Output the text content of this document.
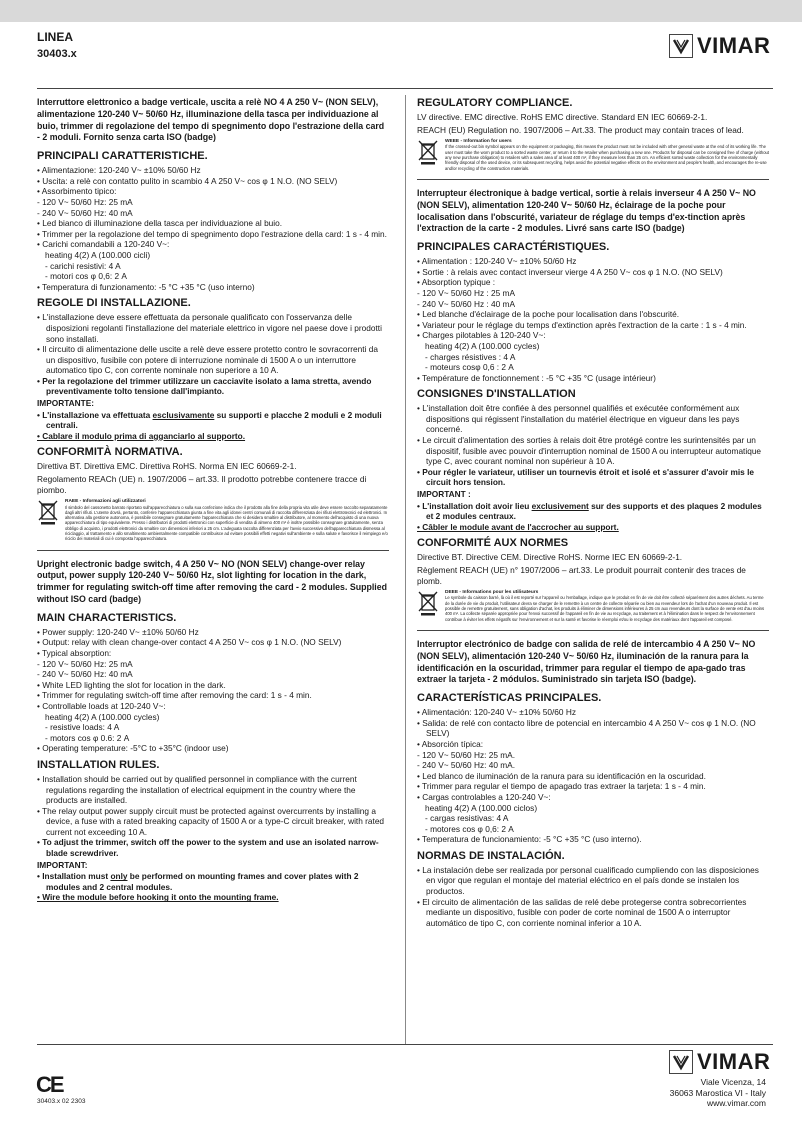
LINEA
30403.x	VIMAR

Interruttore elettronico a badge verticale, uscita a relè NO 4 A 250 V~ (NON SELV), alimentazione 120-240 V~ 50/60 Hz, illuminazione della tasca per individuazione al buio, trimmer di regolazione del tempo di spegnimento dopo l'estrazione della card - 2 moduli. Fornito senza carta ISO (badge)

PRINCIPALI CARATTERISTICHE.

• Alimentazione: 120-240 V~ ±10% 50/60 Hz

• Uscita: a relè con contatto pulito in scambio 4 A 250 V~ cos φ 1 N.O. (NO SELV)

• Assorbimento tipico:

- 120 V~ 50/60 Hz: 25 mA

- 240 V~ 50/60 Hz: 40 mA

• Led bianco di illuminazione della tasca per individuazione al buio.

• Trimmer per la regolazione del tempo di spegnimento dopo l'estrazione della card: 1 s - 4 min.

• Carichi comandabili a 120-240 V~:

heating 4(2) A (100.000 cicli)

- carichi resistivi: 4 A

- motori cos φ 0,6: 2 A

• Temperatura di funzionamento: -5 °C +35 °C (uso interno)

REGOLE DI INSTALLAZIONE.

• L'installazione deve essere effettuata da personale qualificato con l'osservanza delle disposizioni regolanti l'installazione del materiale elettrico in vigore nel paese dove i prodotti sono installati.

• Il circuito di alimentazione delle uscite a relè deve essere protetto contro le sovracorrenti da un dispositivo, fusibile con potere di interruzione nominale di 1500 A o un interruttore automatico tipo C, con corrente nominale non superiore a 10 A.

• Per la regolazione del trimmer utilizzare un cacciavite isolato a lama stretta, avendo preventivamente tolto tensione dall'impianto.

IMPORTANTE:

• L'installazione va effettuata esclusivamente su supporti e placche 2 moduli e 2 moduli centrali.

• Cablare il modulo prima di agganciarlo al supporto.

CONFORMITÀ NORMATIVA.

Direttiva BT. Direttiva EMC. Direttiva RoHS. Norma EN IEC 60669-2-1.

Regolamento REACh (UE) n. 1907/2006 – art.33. Il prodotto potrebbe contenere tracce di piombo.

RAEE - Informazioni agli utilizzatori
Il simbolo del cassonetto barrato riportato sull'apparecchiatura o sulla sua confezione indica che il prodotto alla fine della propria vita utile deve essere raccolto separatamente dagli altri rifiuti. L'utente dovrà, pertanto, conferire l'apparecchiatura giunta a fine vita agli idonei centri comunali di raccolta differenziata dei rifiuti elettrotecnici ed elettronici. In alternativa alla gestione autonoma, è possibile consegnare gratuitamente l'apparecchiatura che si desidera smaltire al distributore, al momento dell'acquisto di una nuova apparecchiatura di tipo equivalente. Presso i distributori di prodotti elettronici con superficie di vendita di almeno 400 m² è inoltre possibile consegnare gratuitamente, senza obbligo di acquisto, i prodotti elettronici da smaltire con dimensioni inferiori a 25 cm. L'adeguata raccolta differenziata per l'avvio successivo dell'apparecchiatura dismessa al riciclaggio, al trattamento e allo smaltimento ambientalmente compatibile contribuisce ad evitare possibili effetti negativi sull'ambiente e sulla salute e favorisce il reimpiego e/o riciclo dei materiali di cui è composta l'apparecchiatura.

Upright electronic badge switch, 4 A 250 V~ NO (NON SELV) change-over relay output, power supply 120-240 V~ 50/60 Hz, slot lighting for location in the dark, trimmer for regulating switch-off time after removing the card - 2 modules. Supplied without ISO card (badge)

MAIN CHARACTERISTICS.

• Power supply: 120-240 V~ ±10% 50/60 Hz

• Output: relay with clean change-over contact 4 A 250 V~ cos φ 1 N.O. (NO SELV)

• Typical absorption:

- 120 V~ 50/60 Hz: 25 mA

- 240 V~ 50/60 Hz: 40 mA

• White LED lighting the slot for location in the dark.

• Trimmer for regulating switch-off time after removing the card: 1 s - 4 min.

• Controllable loads at 120-240 V~:

heating 4(2) A (100.000 cycles)

- resistive loads: 4 A

- motors cos φ 0.6: 2 A

• Operating temperature: -5°C to +35°C (indoor use)

INSTALLATION RULES.

• Installation should be carried out by qualified personnel in compliance with the current regulations regarding the installation of electrical equipment in the country where the products are installed.

• The relay output power supply circuit must be protected against overcurrents by installing a device, a fuse with a rated breaking capacity of 1500 A or a type-C circuit breaker, with rated current not exceeding 10 A.

• To adjust the trimmer, switch off the power to the system and use an isolated narrow-blade screwdriver.

IMPORTANT:

• Installation must only be performed on mounting frames and cover plates with 2 modules and 2 central modules.

• Wire the module before hooking it onto the mounting frame.

REGULATORY COMPLIANCE.

LV directive. EMC directive. RoHS EMC directive. Standard EN IEC 60669-2-1.

REACH (EU) Regulation no. 1907/2006 – Art.33. The product may contain traces of lead.

WEEE - Information for users
If the crossed-out bin symbol appears on the equipment or packaging, this means the product must not be included with other general waste at the end of its working life. The user must take the worn product to a sorted waste center, or return it to the retailer when purchasing a new one. Products for disposal can be consigned free of charge (without any new purchase obligation) to retailers with a sales area of at least 400 m², if they measure less than 25 cm. An efficient sorted waste collection for the environmentally friendly disposal of the used device, or its subsequent recycling, helps avoid the potential negative effects on the environment and people's health, and encourages the re-use and/or recycling of the construction materials.

Interrupteur électronique à badge vertical, sortie à relais inverseur 4 A 250 V~ NO (NON SELV), alimentation 120-240 V~ 50/60 Hz, éclairage de la poche pour localisation dans l'obscurité, variateur de réglage du temps d'ex-tinction après l'extraction de la carte - 2 modules. Livré sans carte ISO (badge)

PRINCIPALES CARACTÉRISTIQUES.

• Alimentation : 120-240 V~ ±10% 50/60 Hz

• Sortie : à relais avec contact inverseur vierge 4 A 250 V~ cos φ 1 N.O. (NO SELV)

• Absorption typique :

- 120 V~ 50/60 Hz : 25 mA

- 240 V~ 50/60 Hz : 40 mA

• Led blanche d'éclairage de la poche pour localisation dans l'obscurité.

• Variateur pour le réglage du temps d'extinction après l'extraction de la carte : 1 s - 4 min.

• Charges pilotables à 120-240 V~:

heating 4(2) A (100.000 cycles)

- charges résistives : 4 A

- moteurs cosφ 0,6 : 2 A

• Température de fonctionnement : -5 °C +35 °C (usage intérieur)

CONSIGNES D'INSTALLATION

• L'installation doit être confiée à des personnel qualifiés et exécutée conformément aux dispositions qui régissent l'installation du matériel électrique en vigueur dans les pays concerné.

• Le circuit d'alimentation des sorties à relais doit être protégé contre les surintensités par un dispositif, fusible avec pouvoir d'interruption nominal de 1500 A ou interrupteur automatique type C, avec courant nominal non supérieur à 10 A.

• Pour régler le variateur, utiliser un tournevis étroit et isolé et s'assurer d'avoir mis le circuit hors tension.

IMPORTANT :

• L'installation doit avoir lieu exclusivement sur des supports et des plaques 2 modules et 2 modules centraux.

• Câbler le module avant de l'accrocher au support.

CONFORMITÉ AUX NORMES

Directive BT. Directive CEM. Directive RoHS. Norme IEC EN 60669-2-1.

Règlement REACH (UE) n° 1907/2006 – art.33. Le produit pourrait contenir des traces de plomb.

DEEE - Informations pour les utilisateurs
Le symbole du caisson barré, là où il est reporté sur l'appareil ou l'emballage, indique que le produit en fin de vie doit être collecté séparément des autres déchets. Au terme de la durée de vie du produit, l'utilisateur devra se charger de le remettre à un centre de collecte séparée ou bien au revendeur lors de l'achat d'un nouveau produit. Il est possible de remettre gratuitement, sans obligation d'achat, les produits à éliminer de dimensions inférieures à 25 cm aux revendeurs dont la surface de vente est d'au moins 400 m². La collecte séparée appropriée pour l'envoi successif de l'appareil en fin de vie au recyclage, au traitement et à l'élimination dans le respect de l'environnement contribue à éviter les effets négatifs sur l'environnement et sur la santé et favorise le réemploi et/ou le recyclage des matériaux dont l'appareil est composé.

Interruptor electrónico de badge con salida de relé de intercambio 4 A 250 V~ NO (NON SELV), alimentación 120-240 V~ 50/60 Hz, iluminación de la ranura para la identificación en la oscuridad, trimmer para regular el tiempo de apa-gado tras extraer la tarjeta - 2 módulos. Suministrado sin tarjeta ISO (badge).

CARACTERÍSTICAS PRINCIPALES.

• Alimentación: 120-240 V~ ±10% 50/60 Hz

• Salida: de relé con contacto libre de potencial en intercambio 4 A 250 V~ cos φ 1 N.O. (NO SELV)

• Absorción típica:

- 120 V~ 50/60 Hz: 25 mA.

- 240 V~ 50/60 Hz: 40 mA.

• Led blanco de iluminación de la ranura para su identificación en la oscuridad.

• Trimmer para regular el tiempo de apagado tras extraer la tarjeta: 1 s - 4 min.

• Cargas controlables a 120-240 V~:

heating 4(2) A (100.000 ciclos)

- cargas resistivas: 4 A

- motores cos φ 0,6: 2 A

• Temperatura de funcionamiento: -5 °C +35 °C (uso interno).

NORMAS DE INSTALACIÓN.

• La instalación debe ser realizada por personal cualificado cumpliendo con las disposiciones en vigor que regulan el montaje del material eléctrico en el país donde se instalen los productos.

• El circuito de alimentación de las salidas de relé debe protegerse contra sobrecorrientes mediante un dispositivo, fusible con poder de corte nominal de 1500 A o interruptor automático de tipo C, con corriente nominal inferior a 10 A.

CE
30403.x 02 2303
VIMAR
Viale Vicenza, 14
36063 Marostica VI - Italy
www.vimar.com
